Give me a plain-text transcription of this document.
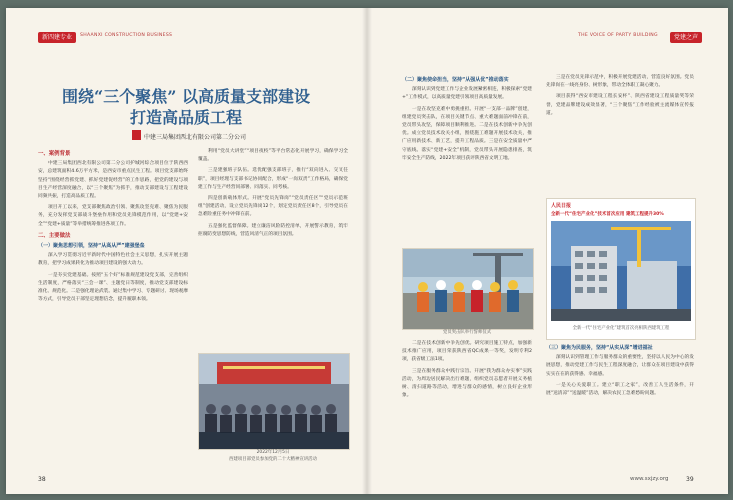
新四建专业	SHAANXI CONSTRUCTION BUSINESS
围绕“三个聚焦” 以高质量支部建设
打造高品质工程
中建三局集团西北有限公司第二分公司
一、案例背景

中建三局集团西北有限公司第二分公司护城河综合项目位于陕西西安，总建筑面积4.6万平方米，是西安市重点民生工程。项目党支部始终坚持“围绕经营抓党建、抓好党建促经营”的工作思路，把党的建设与项目生产经营深度融合，以“三个聚焦”为抓手，推动支部建设与工程建设同频共振，打造高品质工程。

项目开工以来，党支部聚焦政治引领、聚焦攻坚克难、聚焦为民服务，充分发挥党支部战斗堡垒作用和党员先锋模范作用，以“党建+安全”“党建+质量”等举措统筹推进各项工作。

二、主要做法
（一）聚焦思想引领，坚持“从高从严”建强堡垒

深入学习贯彻习近平新时代中国特色社会主义思想，扎实开展主题教育，把学习成果转化为推动项目建设的强大动力。

一是夯实党建基础。按照“五个好”标准规范建设党支部，完善组织生活制度，严格落实“三会一课”、主题党日等制度，推动党支部建设标准化、规范化。二是强化理论武装。通过集中学习、专题研讨、现场观摩等方式，引导党员干部坚定理想信念，提升履职本领。

利用“党员大讲堂”“项目夜校”等平台常态化开展学习，确保学习全覆盖。

三是建强班子队伍。选优配强支部班子，推行“双向进入、交叉任职”，项目经理与支部书记协同配合，形成“一岗双责”工作格局，确保党建工作与生产经营同部署、同落实、同考核。

四是创新载体形式。开展“党员先锋岗”“党员责任区”“党员示范班组”创建活动，设立党员先锋岗12个，划定党员责任区8个，引导党员在急难险重任务中冲锋在前。

五是强化监督保障。建立廉洁风险防控清单，开展警示教育，筑牢拒腐防变思想防线，营造风清气正的项目氛围。

2022年12月5日
西建项目部党员参加党的二十大精神宣讲活动
38
THE VOICE OF PARTY BUILDING	党建之声
（二）聚焦使命担当，坚持“从强从优”推动落实

深刻认识到党建工作与企业发展紧密相连，积极探索“党建+”工作模式，以高质量党建引领项目高质量发展。

一是在攻坚克难中勇挑重担。开展“一支部一品牌”创建，组建党员突击队，在项目关键节点、重大难题面前冲锋在前，党员带头攻坚，保障项目顺利推进。二是在技术创新中争先创优。成立党员技术攻关小组，围绕施工难题开展技术攻关，推广应用新技术、新工艺，提升工程品质。三是在安全质量中严守底线。落实“党建+安全”机制，党员带头开展隐患排查，筑牢安全生产防线，2022年项目获评陕西省文明工地。

党员突击队举行誓师仪式

二是在技术创新中争先创优。研究项目施工特点，加强新技术推广应用，项目荣获陕西省QC成果一等奖，发明专利2项，获省级工法1项。

三是在服务群众中践行宗旨。开展“我为群众办实事”实践活动，为周边居民解决出行难题，组织党员志愿者开展义务植树、清扫道路等活动，增进与群众的感情，树立良好企业形象。

三是在党员先锋示范中，积极开展党建活动，营造良好氛围。党员先锋岗在一线亮身份、树形象，带动全体职工凝心聚力。

项目获得“西安市建设工程长安杯”、陕西省建设工程质量奖等荣誉，党建品牌建设成效显著，“三个聚焦”工作经验被主流媒体宣传报道。

人民日报
全新一代“住宅产业化”技术首次应用 建筑工程提升30%
全新一代“住宅产业化”建筑首次亮相陕西建筑工程
（三）聚焦为民服务，坚持“从实从深”增进福祉

深刻认识到管理工作与服务群众的重要性，坚持以人民为中心的发展思想，推动党建工作与民生工程深度融合，让群众在项目建设中获得实实在在的获得感、幸福感。

一是关心关爱职工。建立“职工之家”，改善工人生活条件，开展“送清凉”“送温暖”活动，解决农民工急难愁盼问题。

www.sxjzy.org	39
